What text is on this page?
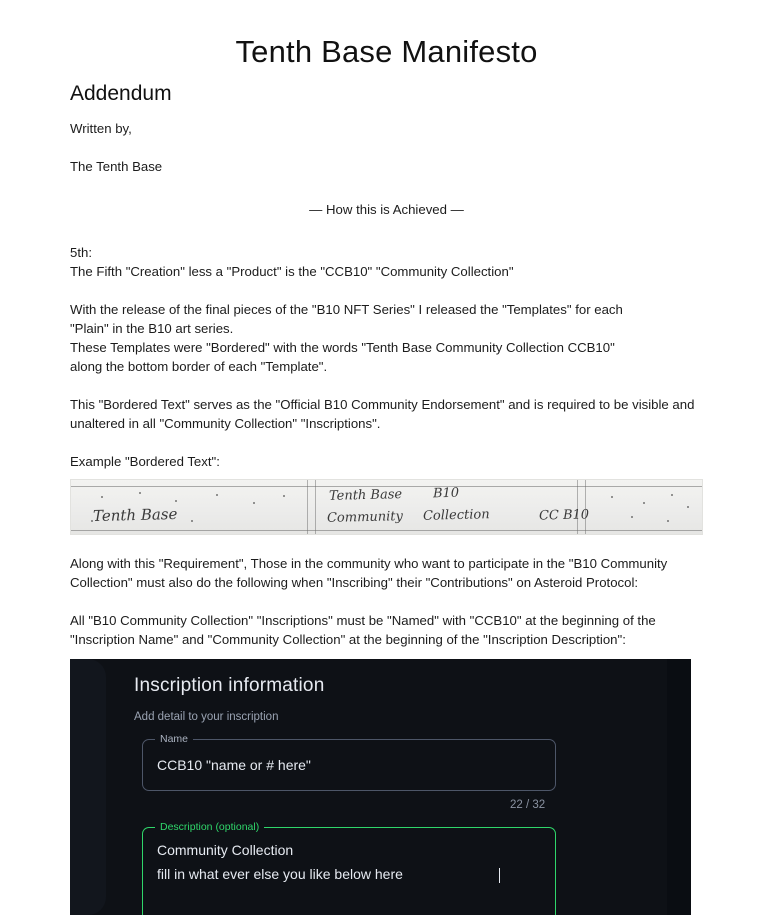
Tenth Base Manifesto
Addendum

Written by,

The Tenth Base

— How this is Achieved —

5th:

The Fifth "Creation" less a "Product" is the "CCB10" "Community Collection"

With the release of the final pieces of the "B10 NFT Series" I released the "Templates" for each

"Plain" in the B10 art series.

These Templates were "Bordered" with the words "Tenth Base Community Collection CCB10"

along the bottom border of each "Template".

This "Bordered Text" serves as the "Official B10 Community Endorsement" and is required to be visible and unaltered in all "Community Collection" "Inscriptions".

Example "Bordered Text":

Tenth Base
Tenth Base B10
Community Collection	CC B10

Along with this "Requirement", Those in the community who want to participate in the "B10 Community Collection" must also do the following when "Inscribing" their "Contributions" on Asteroid Protocol:

All "B10 Community Collection" "Inscriptions" must be "Named" with "CCB10" at the beginning of the "Inscription Name" and "Community Collection" at the beginning of the "Inscription Description":

Inscription information
Add detail to your inscription
Name
CCB10 "name or # here"
22 / 32
Description (optional)
Community Collection
fill in what ever else you like below here
